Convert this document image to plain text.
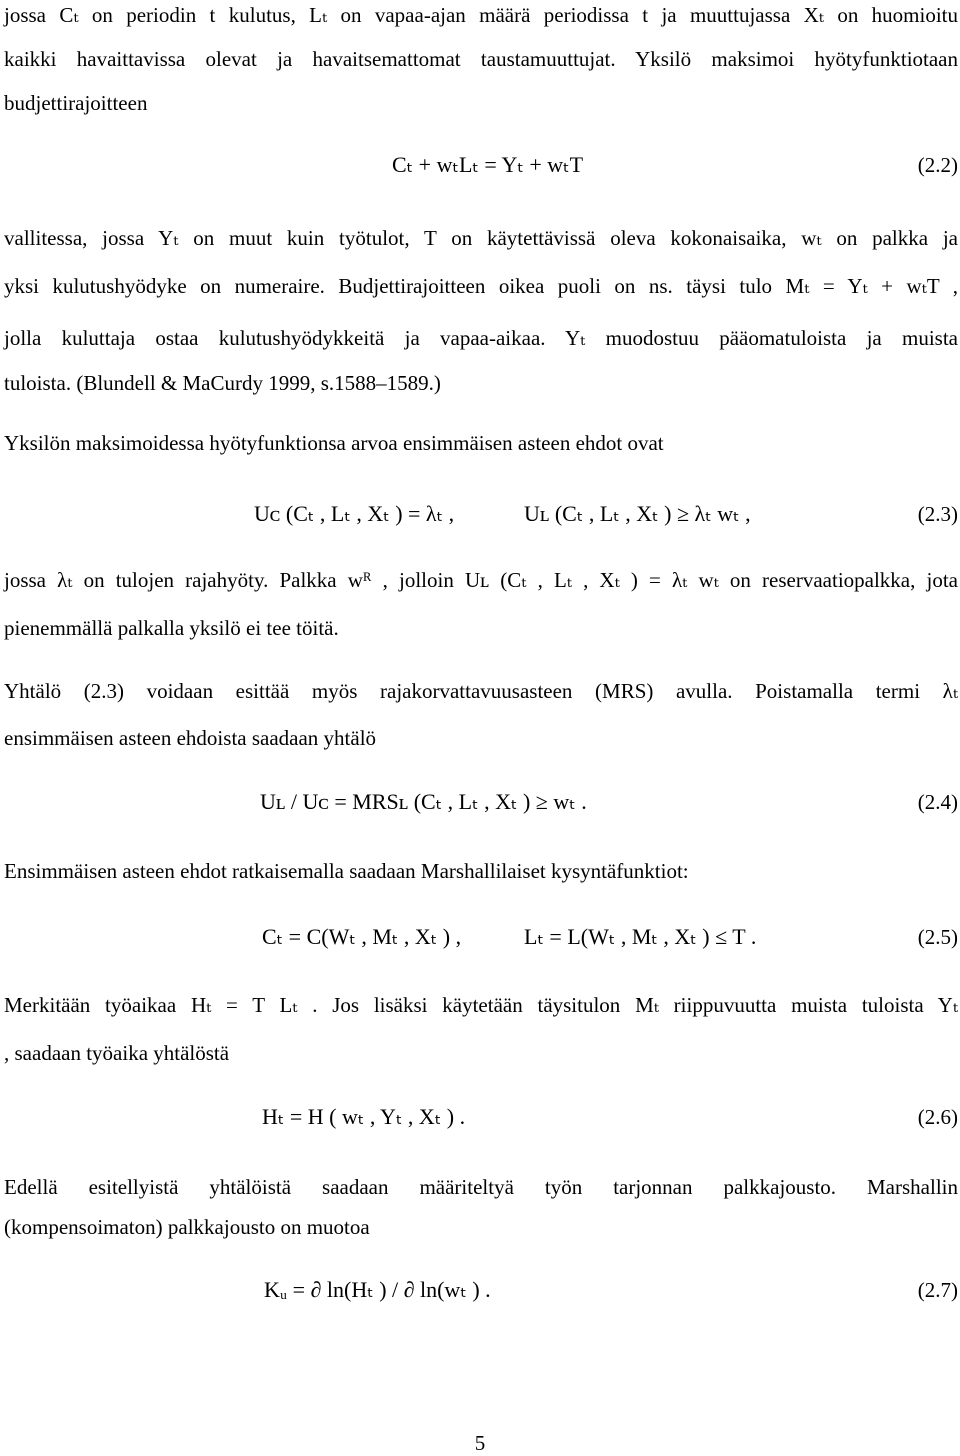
jossa Cₜ on periodin t kulutus, Lₜ on vapaa-ajan määrä periodissa t ja muuttujassa Xₜ on huomioitu
kaikki havaittavissa olevat ja havaitsemattomat taustamuuttujat. Yksilö maksimoi hyötyfunktiotaan
budjettirajoitteen
Cₜ + wₜLₜ = Yₜ + wₜT	(2.2)
vallitessa, jossa Yₜ on muut kuin työtulot, T on käytettävissä oleva kokonaisaika, wₜ on palkka ja
yksi kulutushyödyke on numeraire. Budjettirajoitteen oikea puoli on ns. täysi tulo Mₜ = Yₜ + wₜT ,
jolla kuluttaja ostaa kulutushyödykkeitä ja vapaa-aikaa. Yₜ muodostuu pääomatuloista ja muista
tuloista. (Blundell & MaCurdy 1999, s.1588–1589.)
Yksilön maksimoidessa hyötyfunktionsa arvoa ensimmäisen asteen ehdot ovat
Uᴄ (Cₜ , Lₜ , Xₜ ) = λₜ ,	Uʟ (Cₜ , Lₜ , Xₜ ) ≥ λₜ wₜ ,	(2.3)
jossa λₜ on tulojen rajahyöty. Palkka wᴿ , jolloin Uʟ (Cₜ , Lₜ , Xₜ ) = λₜ wₜ on reservaatiopalkka, jota
pienemmällä palkalla yksilö ei tee töitä.
Yhtälö (2.3) voidaan esittää myös rajakorvattavuusasteen (MRS) avulla. Poistamalla termi λₜ
ensimmäisen asteen ehdoista saadaan yhtälö
Uʟ / Uᴄ = MRSʟ (Cₜ , Lₜ , Xₜ ) ≥ wₜ .	(2.4)
Ensimmäisen asteen ehdot ratkaisemalla saadaan Marshallilaiset kysyntäfunktiot:
Cₜ = C(Wₜ , Mₜ , Xₜ ) ,	Lₜ = L(Wₜ , Mₜ , Xₜ ) ≤ T .	(2.5)
Merkitään työaikaa Hₜ = T Lₜ . Jos lisäksi käytetään täysitulon Mₜ riippuvuutta muista tuloista Yₜ
, saadaan työaika yhtälöstä
Hₜ = H ( wₜ , Yₜ , Xₜ ) .	(2.6)
Edellä esitellyistä yhtälöistä saadaan määriteltyä työn tarjonnan palkkajousto. Marshallin
(kompensoimaton) palkkajousto on muotoa
Kᵤ = ∂ ln(Hₜ ) / ∂ ln(wₜ ) .	(2.7)
5
